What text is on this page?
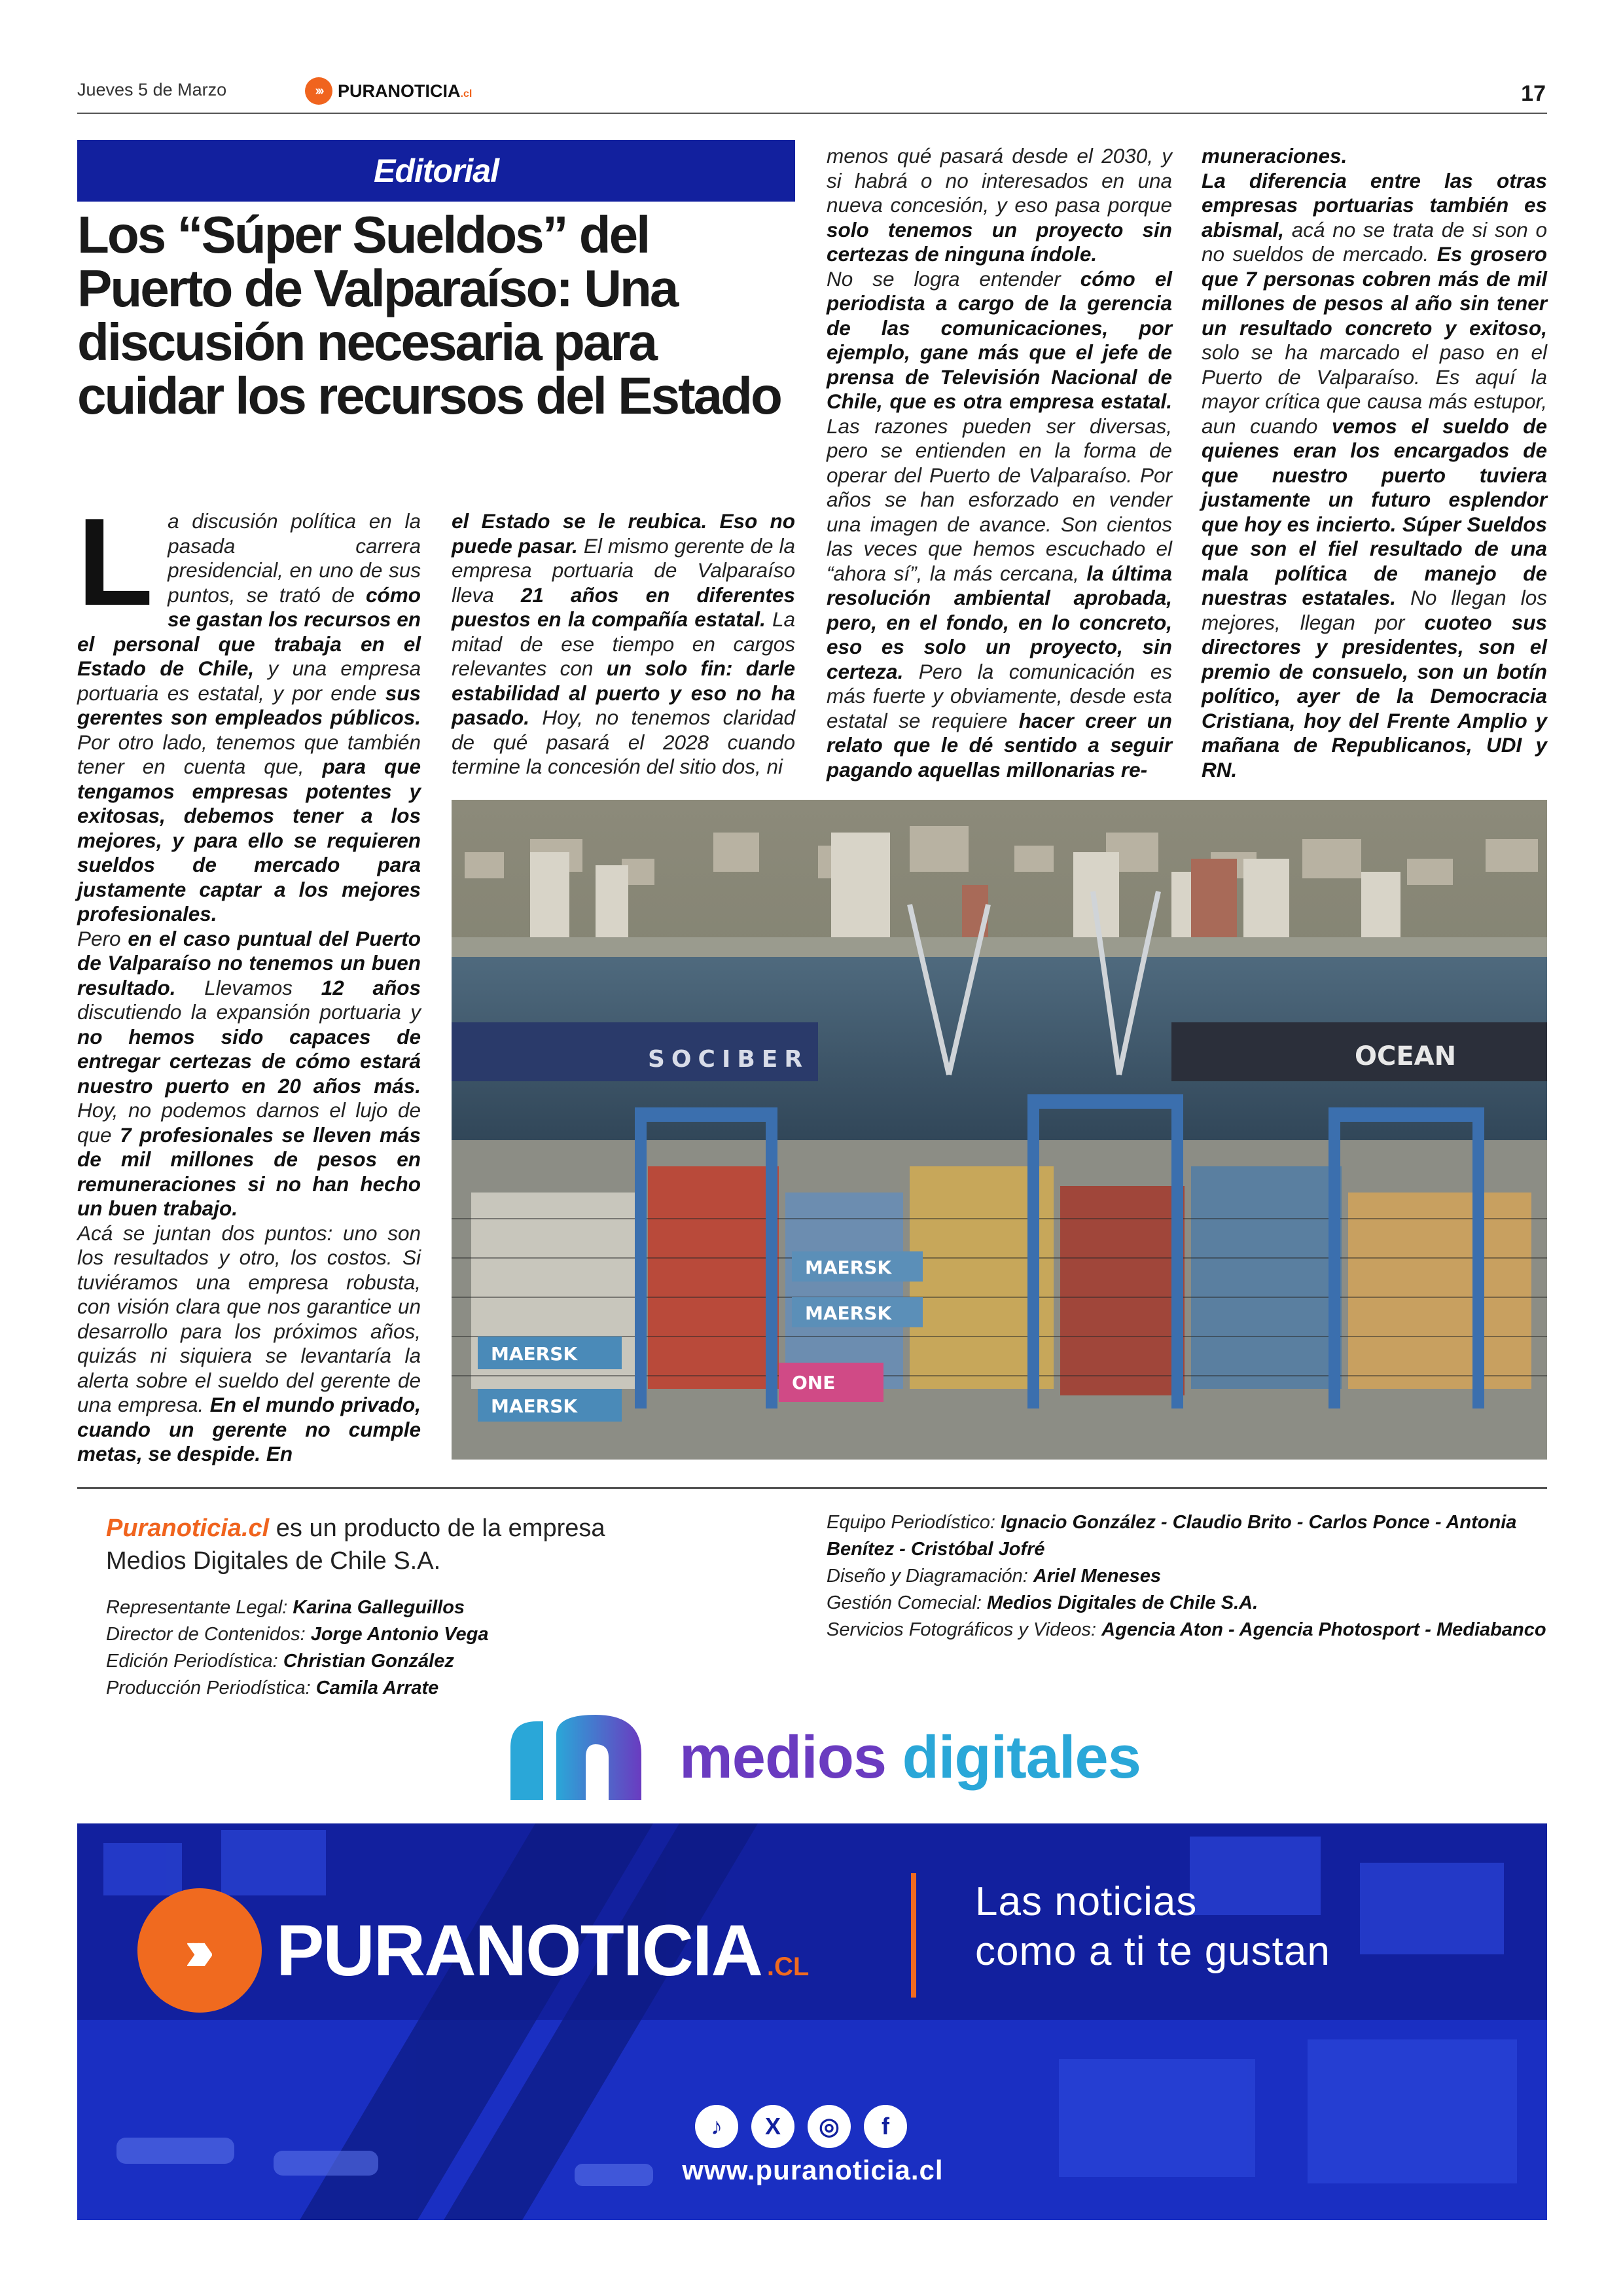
Jueves 5 de Marzo	››› PURANOTICIA.cl	17
Editorial
Los “Súper Sueldos” del Puerto de Valparaíso: Una discusión necesaria para cuidar los recursos del Estado

La discusión política en la pasada carrera presidencial, en uno de sus puntos, se trató de cómo se gastan los recursos en el personal que trabaja en el Estado de Chile, y una empresa portuaria es estatal, y por ende sus gerentes son empleados públicos. Por otro lado, tenemos que también tener en cuenta que, para que tengamos empresas potentes y exitosas, debemos tener a los mejores, y para ello se requieren sueldos de mercado para justamente captar a los mejores profesionales.

Pero en el caso puntual del Puerto de Valparaíso no tenemos un buen resultado. Llevamos 12 años discutiendo la expansión portuaria y no hemos sido capaces de entregar certezas de cómo estará nuestro puerto en 20 años más. Hoy, no podemos darnos el lujo de que 7 profesionales se lleven más de mil millones de pesos en remuneraciones si no han hecho un buen trabajo.

Acá se juntan dos puntos: uno son los resultados y otro, los costos. Si tuviéramos una empresa robusta, con visión clara que nos garantice un desarrollo para los próximos años, quizás ni siquiera se levantaría la alerta sobre el sueldo del gerente de una empresa. En el mundo privado, cuando un gerente no cumple metas, se despide. En

el Estado se le reubica. Eso no puede pasar. El mismo gerente de la empresa portuaria de Valparaíso lleva 21 años en diferentes puestos en la compañía estatal. La mitad de ese tiempo en cargos relevantes con un solo fin: darle estabilidad al puerto y eso no ha pasado. Hoy, no tenemos claridad de qué pasará el 2028 cuando termine la concesión del sitio dos, ni

menos qué pasará desde el 2030, y si habrá o no interesados en una nueva concesión, y eso pasa porque solo tenemos un proyecto sin certezas de ninguna índole.

No se logra entender cómo el periodista a cargo de la gerencia de las comunicaciones, por ejemplo, gane más que el jefe de prensa de Televisión Nacional de Chile, que es otra empresa estatal. Las razones pueden ser diversas, pero se entienden en la forma de operar del Puerto de Valparaíso. Por años se han esforzado en vender una imagen de avance. Son cientos las veces que hemos escuchado el “ahora sí”, la más cercana, la última resolución ambiental aprobada, pero, en el fondo, en lo concreto, eso es solo un proyecto, sin certeza. Pero la comunicación es más fuerte y obviamente, desde esta estatal se requiere hacer creer un relato que le dé sentido a seguir pagando aquellas millonarias re-

muneraciones.

La diferencia entre las otras empresas portuarias también es abismal, acá no se trata de si son o no sueldos de mercado. Es grosero que 7 personas cobren más de mil millones de pesos al año sin tener un resultado concreto y exitoso, solo se ha marcado el paso en el Puerto de Valparaíso. Es aquí la mayor crítica que causa más estupor, aun cuando vemos el sueldo de quienes eran los encargados de que nuestro puerto tuviera justamente un futuro esplendor que hoy es incierto. Súper Sueldos que son el fiel resultado de una mala política de manejo de nuestras estatales. No llegan los mejores, llegan por cuoteo sus directores y presidentes, son el premio de consuelo, son un botín político, ayer de la Democracia Cristiana, hoy del Frente Amplio y mañana de Republicanos, UDI y RN.

SOCIBER	OCEAN
MAERSK
MAERSK
MAERSK
MAERSK
ONE
Puranoticia.cl es un producto de la empresa
Medios Digitales de Chile S.A.
Representante Legal: Karina Galleguillos
Director de Contenidos: Jorge Antonio Vega
Edición Periodística: Christian González
Producción Periodística: Camila Arrate
Equipo Periodístico: Ignacio González - Claudio Brito - Carlos Ponce - Antonia Benítez - Cristóbal Jofré
Diseño y Diagramación: Ariel Meneses
Gestión Comecial: Medios Digitales de Chile S.A.
Servicios Fotográficos y Videos: Agencia Aton - Agencia Photosport - Mediabanco
medios digitales
›››	PURANOTICIA .CL
Las noticias
como a ti te gustan
♪	X	◎	f
www.puranoticia.cl
